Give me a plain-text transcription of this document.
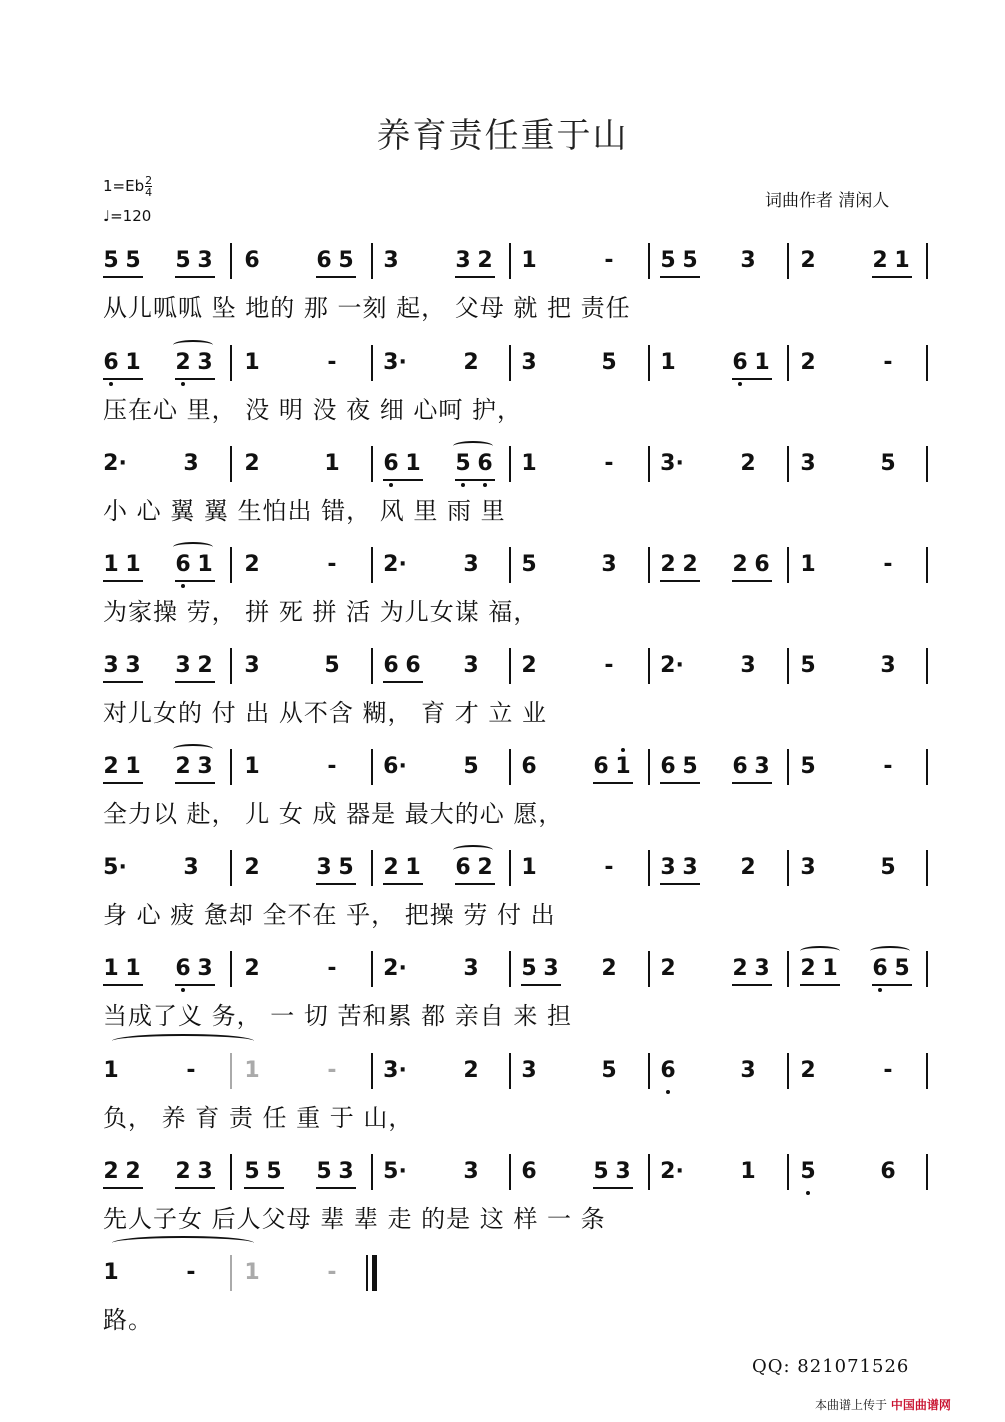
养育责任重于山
$1=Eb \frac{2}{4}$
♩=120
词曲作者 清闲人
5 5 5 3 6	6 5 3	3 2 1	- 5 5 3 2	2 1
从儿呱呱 坠 地的 那 一刻 起， 父母 就 把 责任
6 1 2 3 1	- 3·	2 3	5 1	6 1 2	-
压在心 里， 没 明 没 夜 细 心呵 护，
2·	3 2	1 6 1 5 6 1	- 3·	2 3	5
小 心 翼 翼 生怕出 错， 风 里 雨 里
1 1 6 1 2	- 2·	3 5	3 2 2 2 6 1	-
为家操 劳， 拼 死 拼 活 为儿女谋 福，
3 3 3 2 3	5 6 6 3 2	- 2·	3 5	3
对儿女的 付 出 从不含 糊， 育 才 立 业
2 1 2 3 1	- 6·	5 6	6 1 6 5 6 3 5	-
全力以 赴， 儿 女 成 器是 最大的心 愿，
5·	3 2	3 5 2 1 6 2 1	- 3 3 2 3	5
身 心 疲 惫却 全不在 乎， 把操 劳 付 出
1 1 6 3 2	- 2·	3 5 3 2 2	2 3 2 1 6 5
当成了义 务， 一 切 苦和累 都 亲自 来 担
1	- 1	- 3·	2 3	5 6	3 2	-
负， 养 育 责 任 重 于 山，
2 2 2 3 5 5 5 3 5·	3 6	5 3 2·	1 5	6
先人子女 后人父母 辈 辈 走 的是 这 样 一 条
1	- 1	-
路。
QQ: 821071526
本曲谱上传于 中国曲谱网
